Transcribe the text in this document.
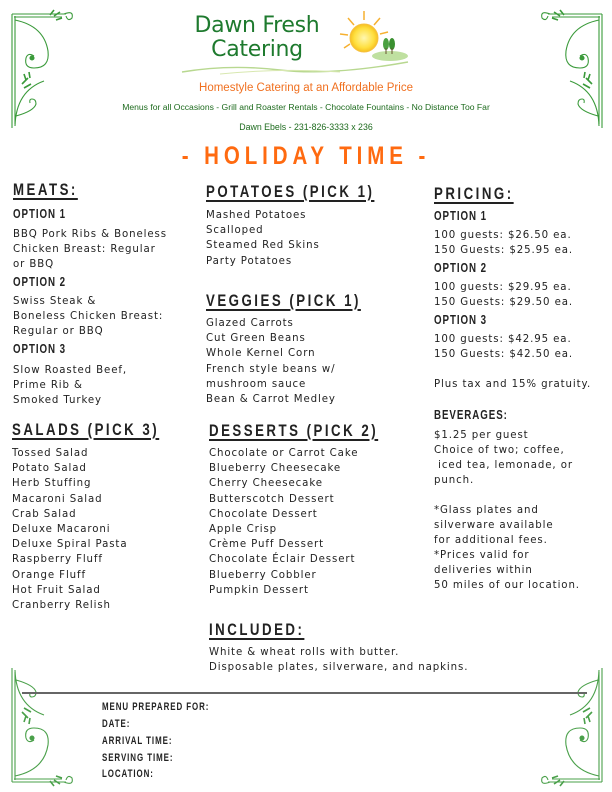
Dawn Fresh
Catering
Homestyle Catering at an Affordable Price
Menus for all Occasions - Grill and Roaster Rentals - Chocolate Fountains - No Distance Too Far
Dawn Ebels - 231-826-3333 x 236
- HOLIDAY TIME -
MEATS:
OPTION 1
BBQ Pork Ribs & Boneless
Chicken Breast: Regular
or BBQ
OPTION 2
Swiss Steak &
Boneless Chicken Breast:
Regular or BBQ
OPTION 3
Slow Roasted Beef,
Prime Rib &
Smoked Turkey
SALADS (PICK 3)
Tossed Salad
Potato Salad
Herb Stuffing
Macaroni Salad
Crab Salad
Deluxe Macaroni
Deluxe Spiral Pasta
Raspberry Fluff
Orange Fluff
Hot Fruit Salad
Cranberry Relish
POTATOES (PICK 1)
Mashed Potatoes
Scalloped
Steamed Red Skins
Party Potatoes
VEGGIES (PICK 1)
Glazed Carrots
Cut Green Beans
Whole Kernel Corn
French style beans w/
mushroom sauce
Bean & Carrot Medley
DESSERTS (PICK 2)
Chocolate or Carrot Cake
Blueberry Cheesecake
Cherry Cheesecake
Butterscotch Dessert
Chocolate Dessert
Apple Crisp
Crème Puff Dessert
Chocolate Éclair Dessert
Blueberry Cobbler
Pumpkin Dessert
INCLUDED:
White & wheat rolls with butter.
Disposable plates, silverware, and napkins.
PRICING:
OPTION 1
100 guests: $26.50 ea.
150 Guests: $25.95 ea.
OPTION 2
100 guests: $29.95 ea.
150 Guests: $29.50 ea.
OPTION 3
100 guests: $42.95 ea.
150 Guests: $42.50 ea.
Plus tax and 15% gratuity.
BEVERAGES:
$1.25 per guest
Choice of two; coffee,
iced tea, lemonade, or
punch.
*Glass plates and
silverware available
for additional fees.
*Prices valid for
deliveries within
50 miles of our location.
MENU PREPARED FOR:
DATE:
ARRIVAL TIME:
SERVING TIME:
LOCATION:
